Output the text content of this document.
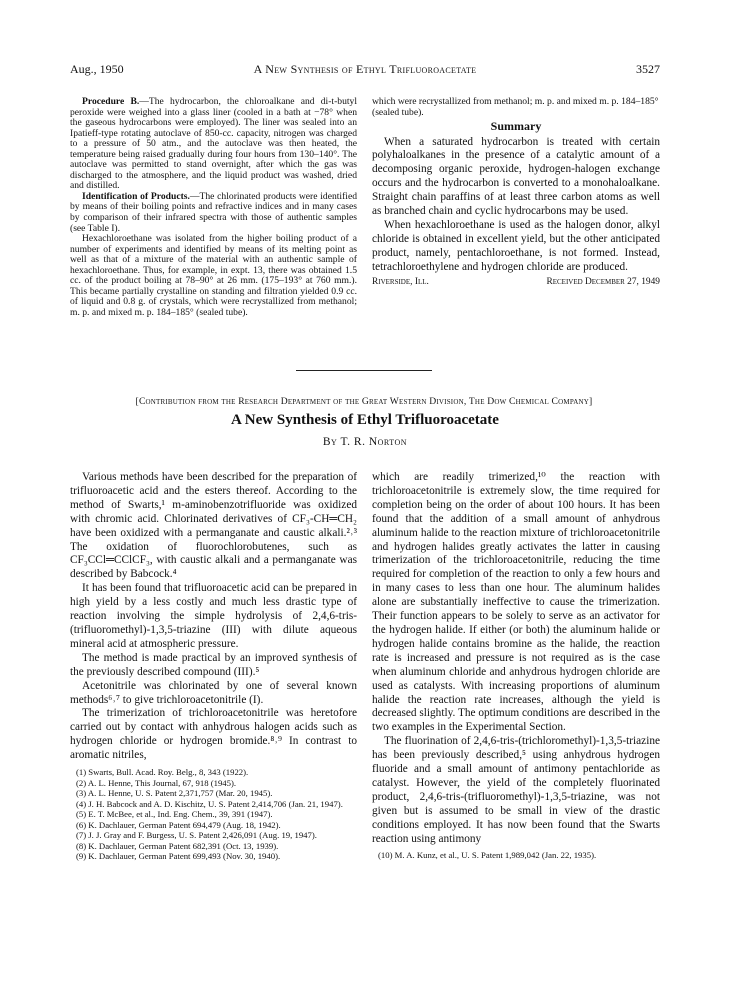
Aug., 1950	A New Synthesis of Ethyl Trifluoroacetate	3527

Procedure B.—The hydrocarbon, the chloroalkane and di-t-butyl peroxide were weighed into a glass liner (cooled in a bath at −78° when the gaseous hydrocarbons were employed). The liner was sealed into an Ipatieff-type rotating autoclave of 850-cc. capacity, nitrogen was charged to a pressure of 50 atm., and the autoclave was then heated, the temperature being raised gradually during four hours from 130–140°. The autoclave was permitted to stand overnight, after which the gas was discharged to the atmosphere, and the liquid product was washed, dried and distilled.

Identification of Products.—The chlorinated products were identified by means of their boiling points and refractive indices and in many cases by comparison of their infrared spectra with those of authentic samples (see Table I).

Hexachloroethane was isolated from the higher boiling product of a number of experiments and identified by means of its melting point as well as that of a mixture of the material with an authentic sample of hexachloroethane. Thus, for example, in expt. 13, there was obtained 1.5 cc. of the product boiling at 78–90° at 26 mm. (175–193° at 760 mm.). This became partially crystalline on standing and filtration yielded 0.9 cc. of liquid and 0.8 g. of crystals, which were recrystallized from methanol; m. p. and mixed m. p. 184–185° (sealed tube).

which were recrystallized from methanol; m. p. and mixed m. p. 184–185° (sealed tube).
Summary

When a saturated hydrocarbon is treated with certain polyhaloalkanes in the presence of a catalytic amount of a decomposing organic peroxide, hydrogen-halogen exchange occurs and the hydrocarbon is converted to a monohaloalkane. Straight chain paraffins of at least three carbon atoms as well as branched chain and cyclic hydrocarbons may be used.

When hexachloroethane is used as the halogen donor, alkyl chloride is obtained in excellent yield, but the other anticipated product, namely, pentachloroethane, is not formed. Instead, tetrachloroethylene and hydrogen chloride are produced.

Riverside, Ill.	Received December 27, 1949
[Contribution from the Research Department of the Great Western Division, The Dow Chemical Company]
A New Synthesis of Ethyl Trifluoroacetate
By T. R. Norton

Various methods have been described for the preparation of trifluoroacetic acid and the esters thereof. According to the method of Swarts,¹ m-aminobenzotrifluoride was oxidized with chromic acid. Chlorinated derivatives of CF₃-CH═CH₂ have been oxidized with a permanganate and caustic alkali.²˒³ The oxidation of fluorochlorobutenes, such as CF₃CCl═CClCF₃, with caustic alkali and a permanganate was described by Babcock.⁴

It has been found that trifluoroacetic acid can be prepared in high yield by a less costly and much less drastic type of reaction involving the simple hydrolysis of 2,4,6-tris-(trifluoromethyl)-1,3,5-triazine (III) with dilute aqueous mineral acid at atmospheric pressure.

The method is made practical by an improved synthesis of the previously described compound (III).⁵

Acetonitrile was chlorinated by one of several known methods⁶˒⁷ to give trichloroacetonitrile (I).

The trimerization of trichloroacetonitrile was heretofore carried out by contact with anhydrous halogen acids such as hydrogen chloride or hydrogen bromide.⁸˒⁹ In contrast to aromatic nitriles,

(1) Swarts, Bull. Acad. Roy. Belg., 8, 343 (1922).
(2) A. L. Henne, This Journal, 67, 918 (1945).
(3) A. L. Henne, U. S. Patent 2,371,757 (Mar. 20, 1945).
(4) J. H. Babcock and A. D. Kischitz, U. S. Patent 2,414,706 (Jan. 21, 1947).
(5) E. T. McBee, et al., Ind. Eng. Chem., 39, 391 (1947).
(6) K. Dachlauer, German Patent 694,479 (Aug. 18, 1942).
(7) J. J. Gray and F. Burgess, U. S. Patent 2,426,091 (Aug. 19, 1947).
(8) K. Dachlauer, German Patent 682,391 (Oct. 13, 1939).
(9) K. Dachlauer, German Patent 699,493 (Nov. 30, 1940).

which are readily trimerized,¹⁰ the reaction with trichloroacetonitrile is extremely slow, the time required for completion being on the order of about 100 hours. It has been found that the addition of a small amount of anhydrous aluminum halide to the reaction mixture of trichloroacetonitrile and hydrogen halides greatly activates the latter in causing trimerization of the trichloroacetonitrile, reducing the time required for completion of the reaction to only a few hours and in many cases to less than one hour. The aluminum halides alone are substantially ineffective to cause the trimerization. Their function appears to be solely to serve as an activator for the hydrogen halide. If either (or both) the aluminum halide or hydrogen halide contains bromine as the halide, the reaction rate is increased and pressure is not required as is the case when aluminum chloride and anhydrous hydrogen chloride are used as catalysts. With increasing proportions of aluminum halide the reaction rate increases, although the yield is decreased slightly. The optimum conditions are described in the two examples in the Experimental Section.

The fluorination of 2,4,6-tris-(trichloromethyl)-1,3,5-triazine has been previously described,⁵ using anhydrous hydrogen fluoride and a small amount of antimony pentachloride as catalyst. However, the yield of the completely fluorinated product, 2,4,6-tris-(trifluoromethyl)-1,3,5-triazine, was not given but is assumed to be small in view of the drastic conditions employed. It has now been found that the Swarts reaction using antimony

(10) M. A. Kunz, et al., U. S. Patent 1,989,042 (Jan. 22, 1935).
